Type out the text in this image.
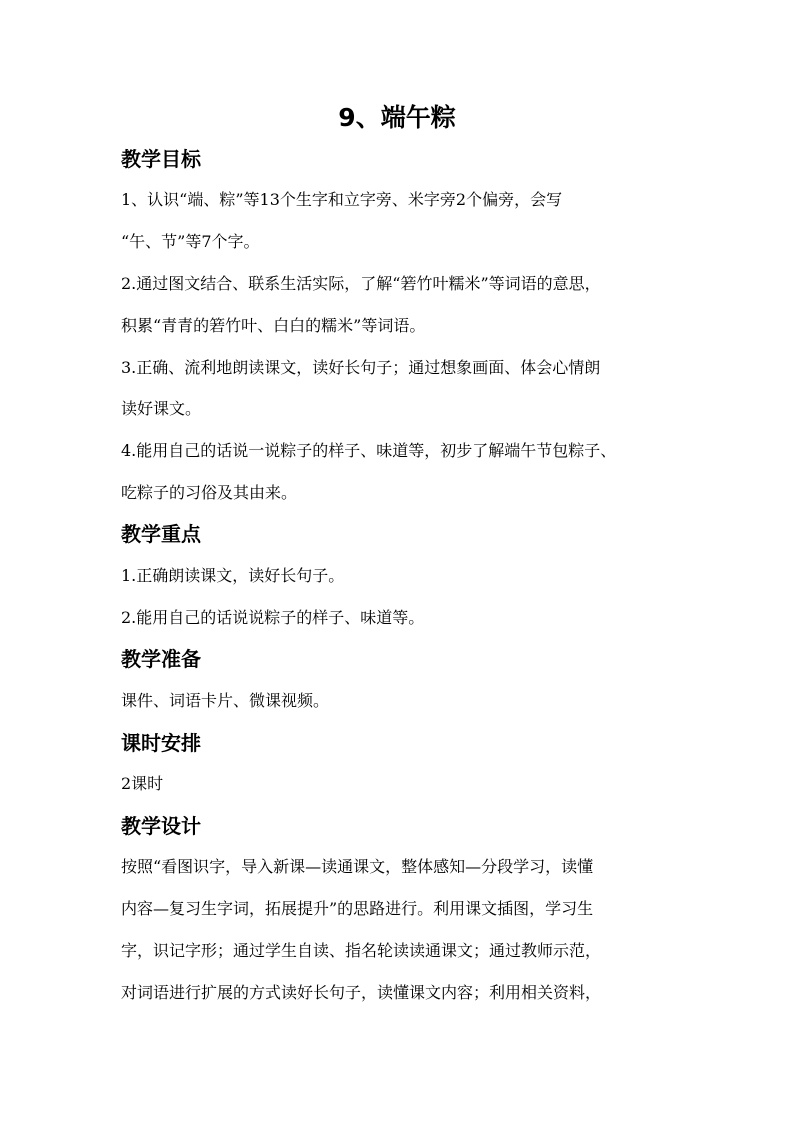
9、端午粽
教学目标
1、认识“端、粽”等13个生字和立字旁、米字旁2个偏旁，会写
“午、节”等7个字。
2.通过图文结合、联系生活实际，了解“箬竹叶糯米”等词语的意思，
积累“青青的箬竹叶、白白的糯米”等词语。
3.正确、流利地朗读课文，读好长句子；通过想象画面、体会心情朗
读好课文。
4.能用自己的话说一说粽子的样子、味道等，初步了解端午节包粽子、
吃粽子的习俗及其由来。
教学重点
1.正确朗读课文，读好长句子。
2.能用自己的话说说粽子的样子、味道等。
教学准备
课件、词语卡片、微课视频。
课时安排
2课时
教学设计
按照“看图识字，导入新课—读通课文，整体感知—分段学习，读懂
内容—复习生字词，拓展提升”的思路进行。利用课文插图，学习生
字，识记字形；通过学生自读、指名轮读读通课文；通过教师示范，
对词语进行扩展的方式读好长句子，读懂课文内容；利用相关资料，
